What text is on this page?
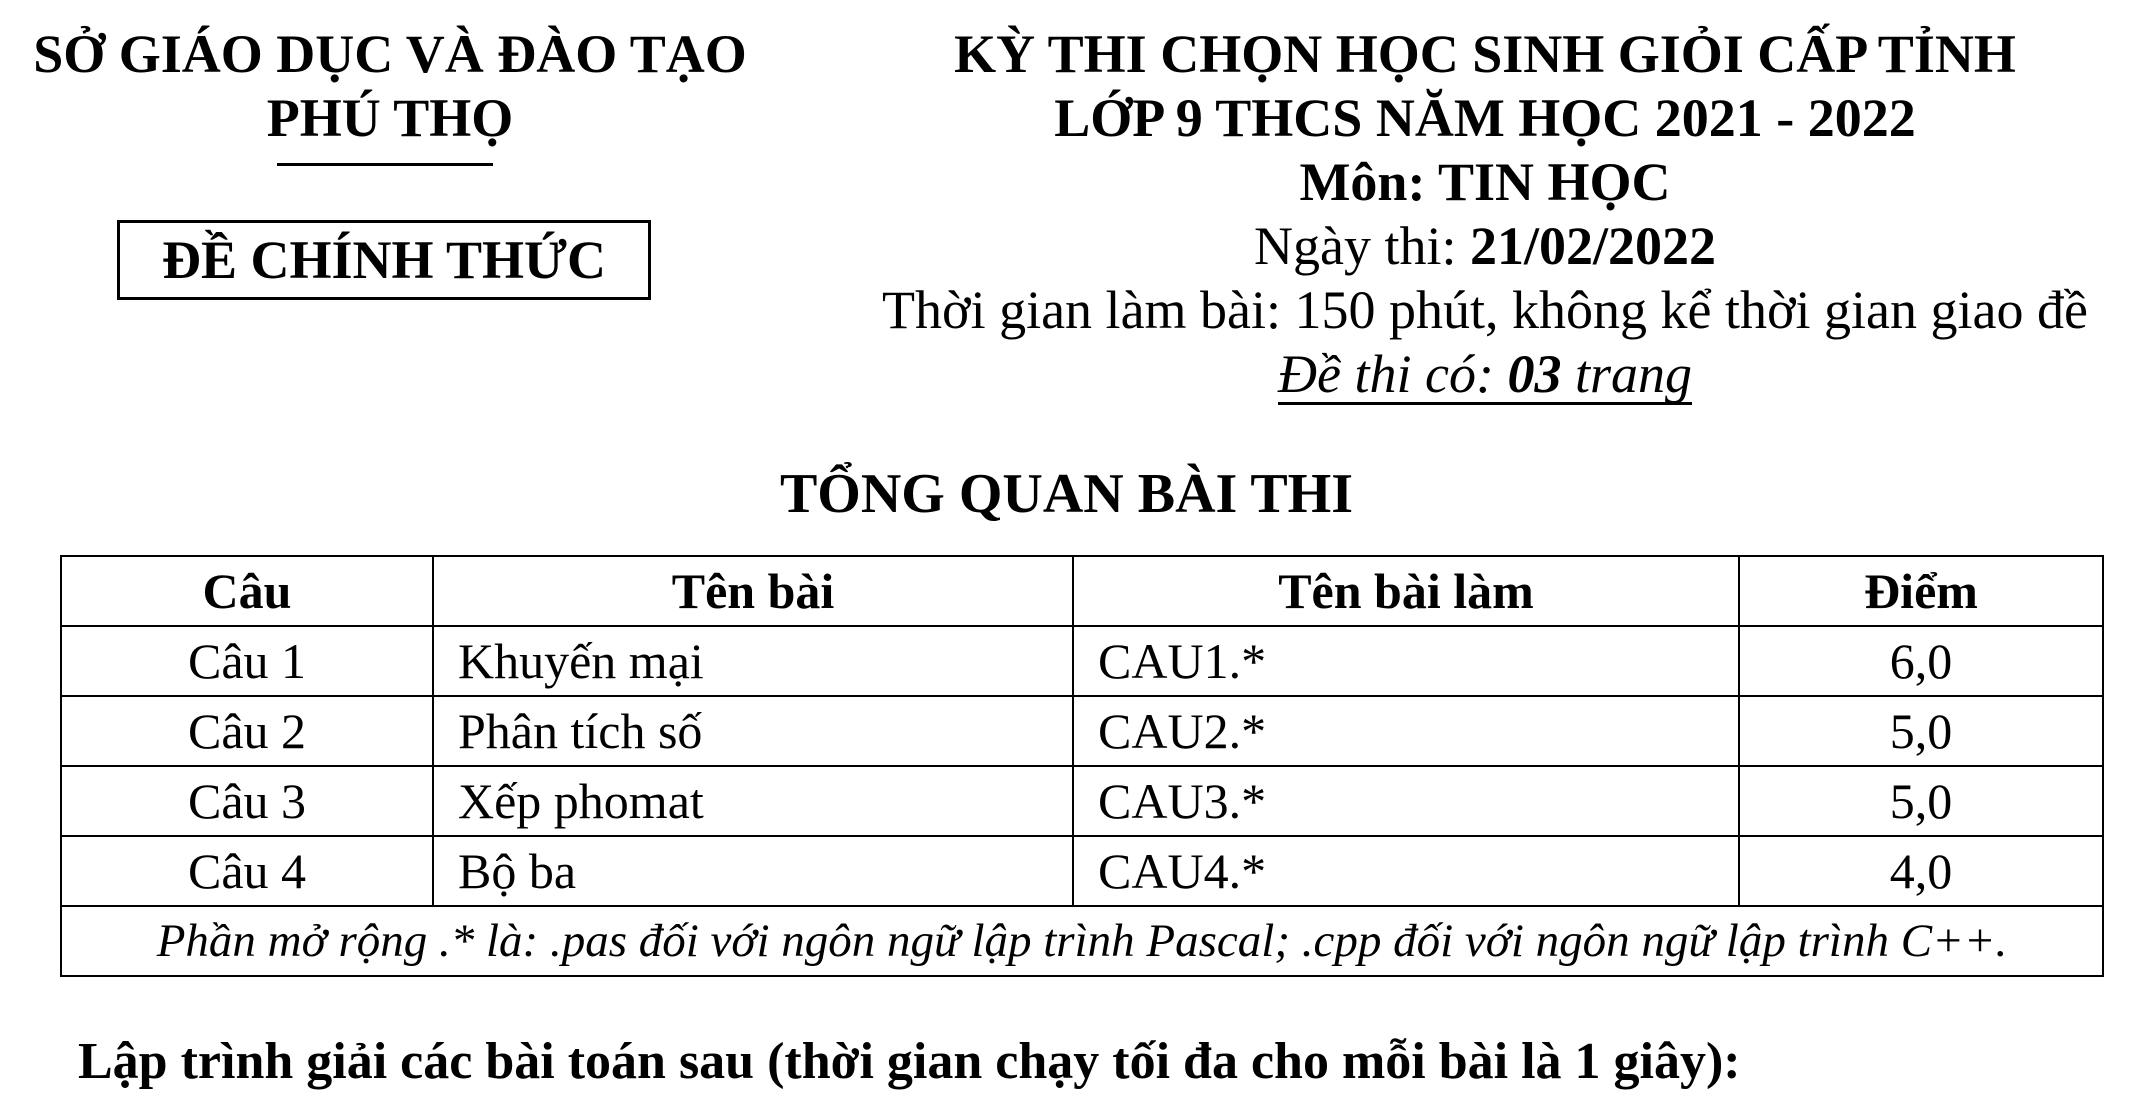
SỞ GIÁO DỤC VÀ ĐÀO TẠO
PHÚ THỌ
ĐỀ CHÍNH THỨC
KỲ THI CHỌN HỌC SINH GIỎI CẤP TỈNH
LỚP 9 THCS NĂM HỌC 2021 - 2022
Môn: TIN HỌC
Ngày thi: 21/02/2022
Thời gian làm bài: 150 phút, không kể thời gian giao đề
Đề thi có: 03 trang
TỔNG QUAN BÀI THI
Câu	Tên bài	Tên bài làm	Điểm
Câu 1	Khuyến mại	CAU1.*	6,0
Câu 2	Phân tích số	CAU2.*	5,0
Câu 3	Xếp phomat	CAU3.*	5,0
Câu 4	Bộ ba	CAU4.*	4,0
Phần mở rộng .* là: .pas đối với ngôn ngữ lập trình Pascal; .cpp đối với ngôn ngữ lập trình C++.			
Lập trình giải các bài toán sau (thời gian chạy tối đa cho mỗi bài là 1 giây):
